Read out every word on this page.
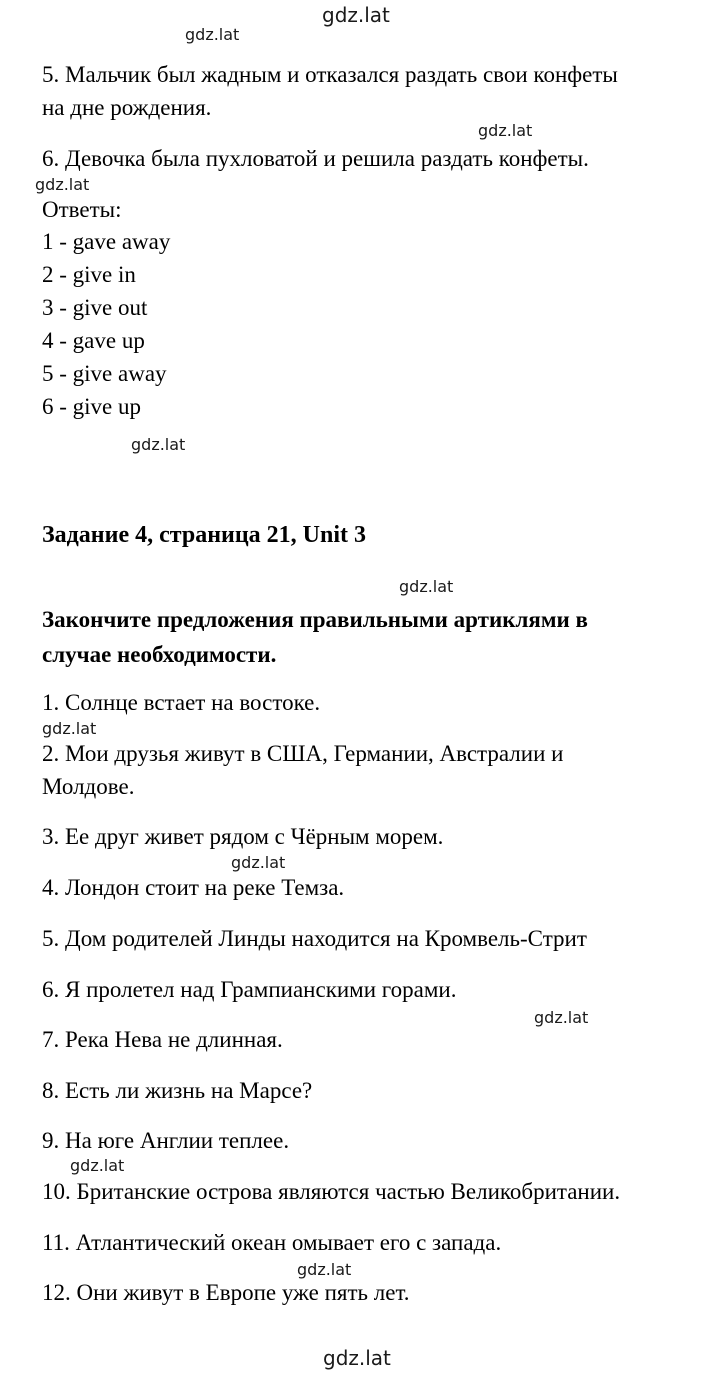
gdz.lat
gdz.lat
5. Мальчик был жадным и отказался раздать свои конфеты
на дне рождения.
gdz.lat
6. Девочка была пухловатой и решила раздать конфеты.
gdz.lat
Ответы:
1 - gave away
2 - give in
3 - give out
4 - gave up
5 - give away
6 - give up
gdz.lat
Задание 4, страница 21, Unit 3
gdz.lat
Закончите предложения правильными артиклями в
случае необходимости.
1. Солнце встает на востоке.
gdz.lat
2. Мои друзья живут в США, Германии, Австралии и
Молдове.
3. Ее друг живет рядом с Чёрным морем.
gdz.lat
4. Лондон стоит на реке Темза.
5. Дом родителей Линды находится на Кромвель-Стрит
6. Я пролетел над Грампианскими горами.
gdz.lat
7. Река Нева не длинная.
8. Есть ли жизнь на Марсе?
9. На юге Англии теплее.
gdz.lat
10. Британские острова являются частью Великобритании.
11. Атлантический океан омывает его с запада.
gdz.lat
12. Они живут в Европе уже пять лет.
gdz.lat
